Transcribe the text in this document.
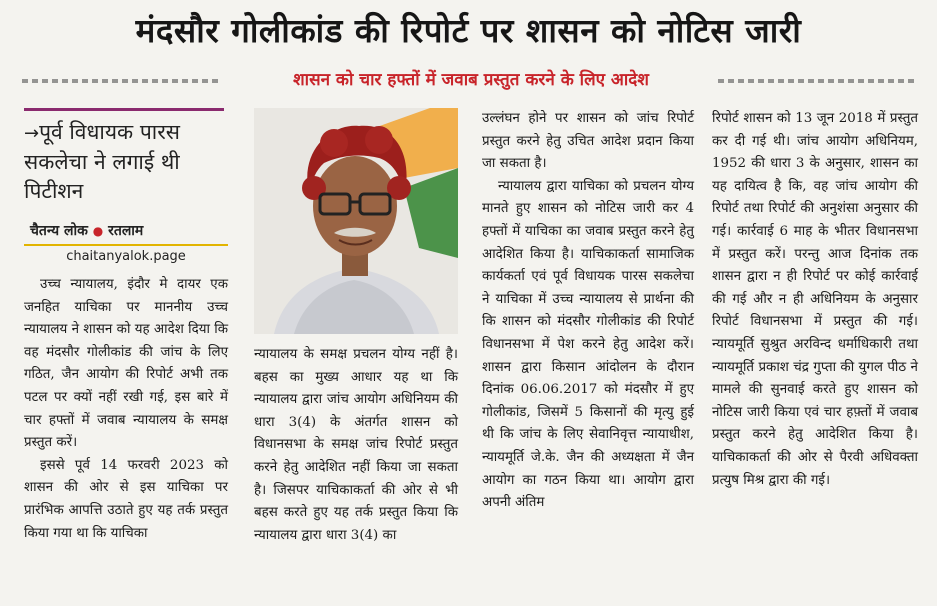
मंदसौर गोलीकांड की रिपोर्ट पर शासन को नोटिस जारी
शासन को चार हफ्तों में जवाब प्रस्तुत करने के लिए आदेश
→पूर्व विधायक पारस सकलेचा ने लगाई थी पिटीशन
चैतन्य लोक ● रतलाम
chaitanyalok.page

उच्च न्यायालय, इंदौर मे दायर एक जनहित याचिका पर माननीय उच्च न्यायालय ने शासन को यह आदेश दिया कि वह मंदसौर गोलीकांड की जांच के लिए गठित, जैन आयोग की रिपोर्ट अभी तक पटल पर क्यों नहीं रखी गई, इस बारे में चार हफ्तों में जवाब न्यायालय के समक्ष प्रस्तुत करें।

इससे पूर्व 14 फरवरी 2023 को शासन की ओर से इस याचिका पर प्रारंभिक आपत्ति उठाते हुए यह तर्क प्रस्तुत किया गया था कि याचिका

न्यायालय के समक्ष प्रचलन योग्य नहीं है। बहस का मुख्य आधार यह था कि न्यायालय द्वारा जांच आयोग अधिनियम की धारा 3(4) के अंतर्गत शासन को विधानसभा के समक्ष जांच रिपोर्ट प्रस्तुत करने हेतु आदेशित नहीं किया जा सकता है। जिसपर याचिकाकर्ता की ओर से भी बहस करते हुए यह तर्क प्रस्तुत किया कि न्यायालय द्वारा धारा 3(4) का

उल्लंघन होने पर शासन को जांच रिपोर्ट प्रस्तुत करने हेतु उचित आदेश प्रदान किया जा सकता है।

न्यायालय द्वारा याचिका को प्रचलन योग्य मानते हुए शासन को नोटिस जारी कर 4 हफ्तों में याचिका का जवाब प्रस्तुत करने हेतु आदेशित किया है। याचिकाकर्ता सामाजिक कार्यकर्ता एवं पूर्व विधायक पारस सकलेचा ने याचिका में उच्च न्यायालय से प्रार्थना की कि शासन को मंदसौर गोलीकांड की रिपोर्ट विधानसभा में पेश करने हेतु आदेश करें। शासन द्वारा किसान आंदोलन के दौरान दिनांक 06.06.2017 को मंदसौर में हुए गोलीकांड, जिसमें 5 किसानों की मृत्यु हुई थी कि जांच के लिए सेवानिवृत्त न्यायाधीश, न्यायमूर्ति जे.के. जैन की अध्यक्षता में जैन आयोग का गठन किया था। आयोग द्वारा अपनी अंतिम

रिपोर्ट शासन को 13 जून 2018 में प्रस्तुत कर दी गई थी। जांच आयोग अधिनियम, 1952 की धारा 3 के अनुसार, शासन का यह दायित्व है कि, वह जांच आयोग की रिपोर्ट तथा रिपोर्ट की अनुशंसा अनुसार की गई। कार्रवाई 6 माह के भीतर विधानसभा में प्रस्तुत करें। परन्तु आज दिनांक तक शासन द्वारा न ही रिपोर्ट पर कोई कार्रवाई की गई और न ही अधिनियम के अनुसार रिपोर्ट विधानसभा में प्रस्तुत की गई। न्यायमूर्ति सुश्रुत अरविन्द धर्माधिकारी तथा न्यायमूर्ति प्रकाश चंद्र गुप्ता की युगल पीठ ने मामले की सुनवाई करते हुए शासन को नोटिस जारी किया एवं चार हफ़्तों में जवाब प्रस्तुत करने हेतु आदेशित किया है। याचिकाकर्ता की ओर से पैरवी अधिवक्ता प्रत्युष मिश्र द्वारा की गई।
